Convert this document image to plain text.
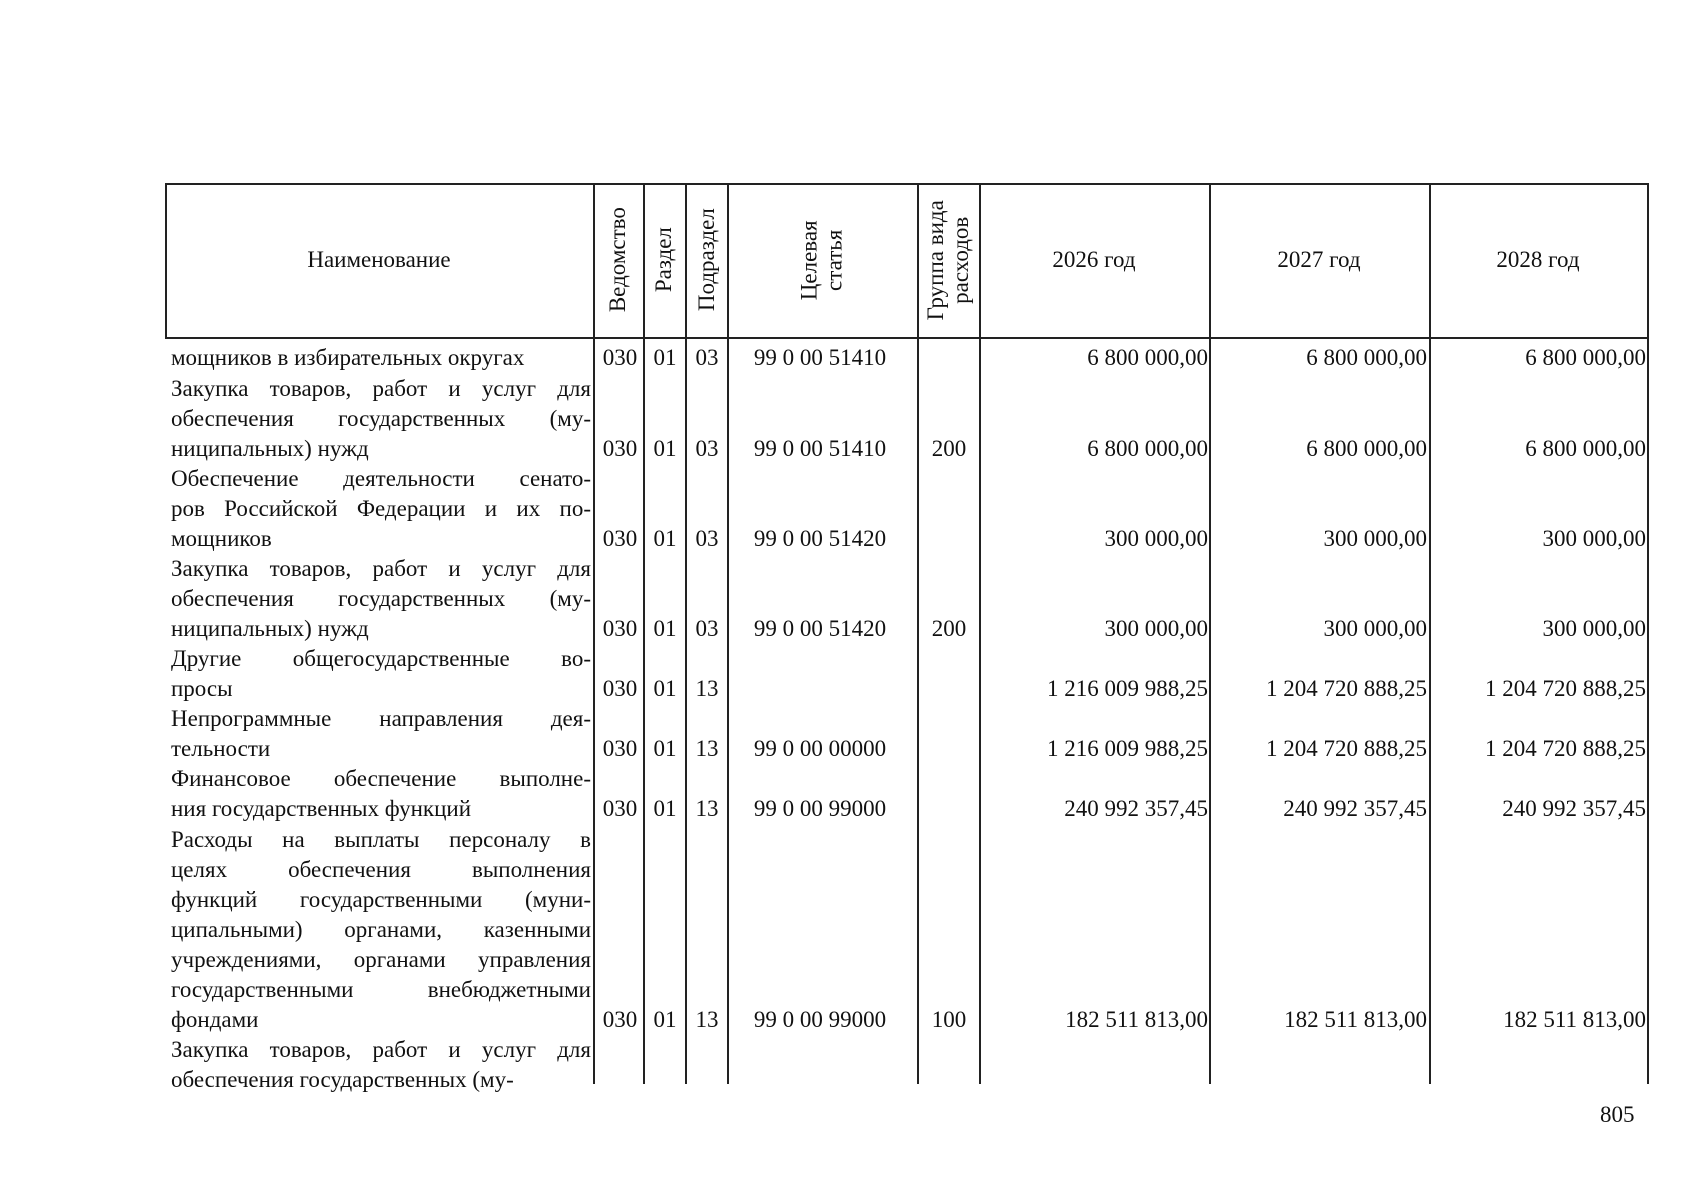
Наименование	Ведомство Раздел Подраздел	Целевая статья	Группа вида расходов	2026 год	2027 год	2028 год
мощников в избирательных округах	030 01 03	99 0 00 51410	6 800 000,00	6 800 000,00	6 800 000,00
Закупка товаров, работ и услуг для
обеспечения государственных (му-
ниципальных) нужд	030 01 03	99 0 00 51410	200	6 800 000,00	6 800 000,00	6 800 000,00
Обеспечение деятельности сенато-
ров Российской Федерации и их по-
мощников	030 01 03	99 0 00 51420	300 000,00	300 000,00	300 000,00
Закупка товаров, работ и услуг для
обеспечения государственных (му-
ниципальных) нужд	030 01 03	99 0 00 51420	200	300 000,00	300 000,00	300 000,00
Другие общегосударственные во-
просы	030 01 13	1 216 009 988,25	1 204 720 888,25	1 204 720 888,25
Непрограммные направления дея-
тельности	030 01 13	99 0 00 00000	1 216 009 988,25	1 204 720 888,25	1 204 720 888,25
Финансовое обеспечение выполне-
ния государственных функций	030 01 13	99 0 00 99000	240 992 357,45	240 992 357,45	240 992 357,45
Расходы на выплаты персоналу в
целях обеспечения выполнения
функций государственными (муни-
ципальными) органами, казенными
учреждениями, органами управления
государственными внебюджетными
фондами	030 01 13	99 0 00 99000	100	182 511 813,00	182 511 813,00	182 511 813,00
Закупка товаров, работ и услуг для
обеспечения государственных (му-
805
